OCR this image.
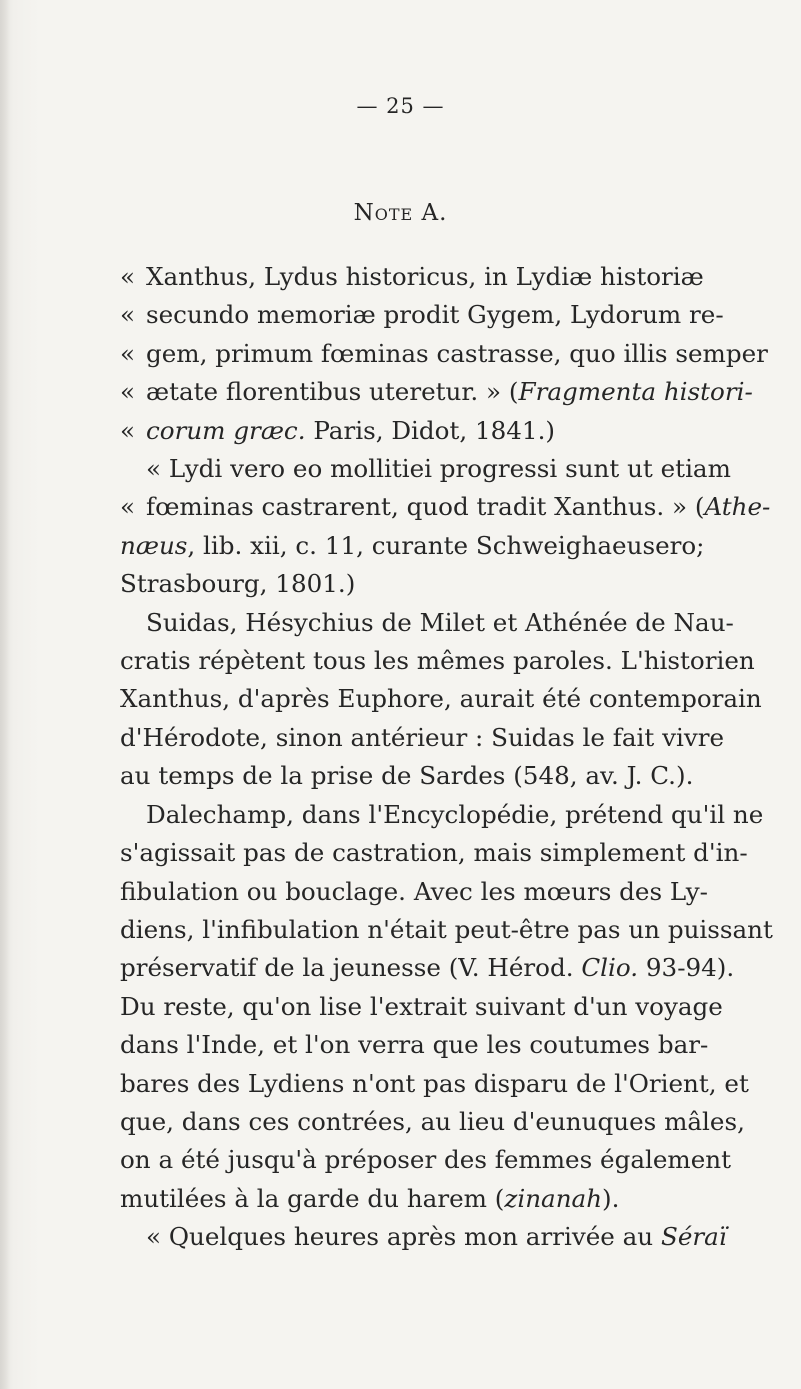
— 25 —
Note A.
«Xanthus, Lydus historicus, in Lydiæ historiæ
«secundo memoriæ prodit Gygem, Lydorum re-
«gem, primum fœminas castrasse, quo illis semper
«ætate florentibus uteretur. » (Fragmenta histori-
«corum græc. Paris, Didot, 1841.)
« Lydi vero eo mollitiei progressi sunt ut etiam
«fœminas castrarent, quod tradit Xanthus. » (Athe-
næus, lib. xii, c. 11, curante Schweighaeusero;
Strasbourg, 1801.)
Suidas, Hésychius de Milet et Athénée de Nau-
cratis répètent tous les mêmes paroles. L'historien
Xanthus, d'après Euphore, aurait été contemporain
d'Hérodote, sinon antérieur : Suidas le fait vivre
au temps de la prise de Sardes (548, av. J. C.).
Dalechamp, dans l'Encyclopédie, prétend qu'il ne
s'agissait pas de castration, mais simplement d'in-
fibulation ou bouclage. Avec les mœurs des Ly-
diens, l'infibulation n'était peut-être pas un puissant
préservatif de la jeunesse (V. Hérod. Clio. 93-94).
Du reste, qu'on lise l'extrait suivant d'un voyage
dans l'Inde, et l'on verra que les coutumes bar-
bares des Lydiens n'ont pas disparu de l'Orient, et
que, dans ces contrées, au lieu d'eunuques mâles,
on a été jusqu'à préposer des femmes également
mutilées à la garde du harem (zinanah).
« Quelques heures après mon arrivée au Séraï
